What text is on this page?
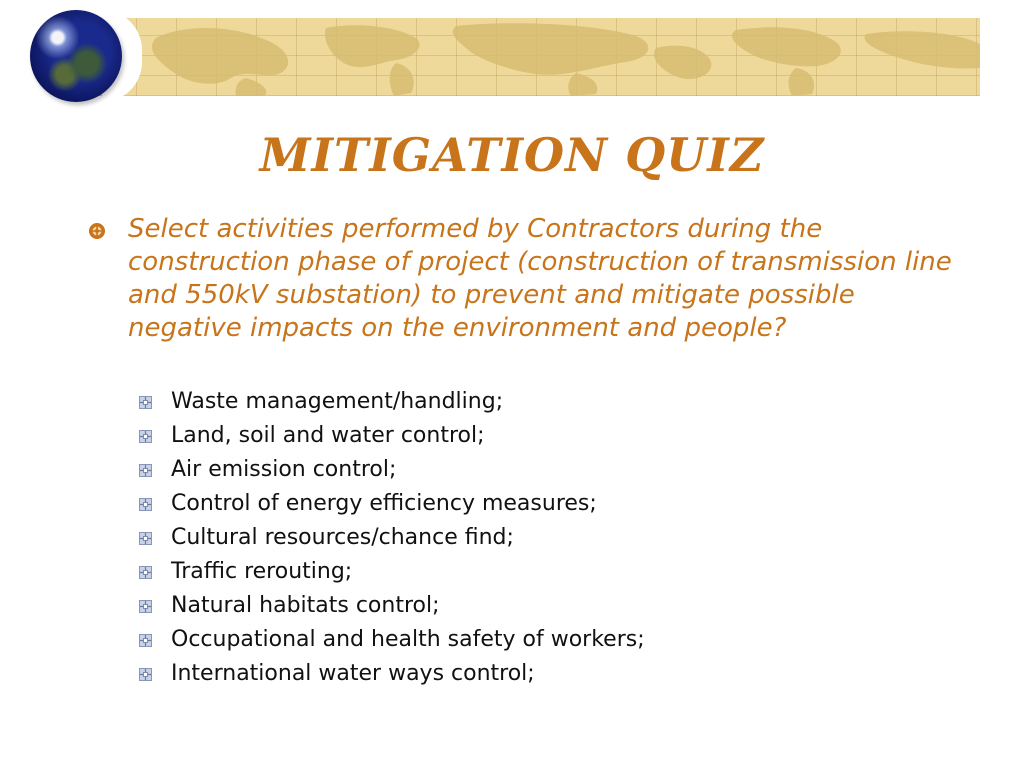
MITIGATION QUIZ
Select activities performed by Contractors during the construction phase of project (construction of transmission line and 550kV substation) to prevent and mitigate possible negative impacts on the environment and people?
Waste management/handling;
Land, soil and water control;
Air emission control;
Control of energy efficiency measures;
Cultural resources/chance find;
Traffic rerouting;
Natural habitats control;
Occupational and health safety of workers;
International water ways control;
